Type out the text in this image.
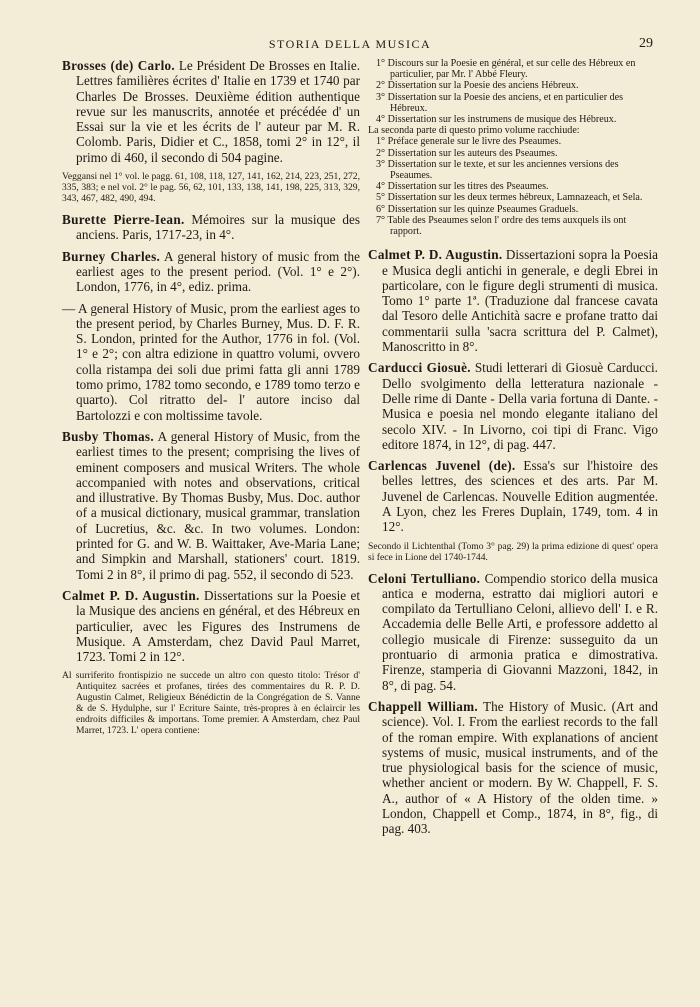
STORIA DELLA MUSICA	29

Brosses (de) Carlo. Le Président De Brosses en Italie. Lettres familières écrites d' Italie en 1739 et 1740 par Charles De Brosses. Deuxième édition authentique revue sur les manuscrits, annotée et précédée d' un Essai sur la vie et les écrits de l' auteur par M. R. Colomb. Paris, Didier et C., 1858, tomi 2° in 12°, il primo di 460, il secondo di 504 pagine.

Veggansi nel 1° vol. le pagg. 61, 108, 118, 127, 141, 162, 214, 223, 251, 272, 335, 383; e nel vol. 2° le pag. 56, 62, 101, 133, 138, 141, 198, 225, 313, 329, 343, 467, 482, 490, 494.

Burette Pierre-Iean. Mémoires sur la musique des anciens. Paris, 1717-23, in 4°.

Burney Charles. A general history of music from the earliest ages to the present period. (Vol. 1° e 2°). London, 1776, in 4°, ediz. prima.

— A general History of Music, prom the earliest ages to the present period, by Charles Burney, Mus. D. F. R. S. London, printed for the Author, 1776 in fol. (Vol. 1° e 2°; con altra edizione in quattro volumi, ovvero colla ristampa dei soli due primi fatta gli anni 1789 tomo primo, 1782 tomo secondo, e 1789 tomo terzo e quarto). Col ritratto del- l' autore inciso dal Bartolozzi e con moltissime tavole.

Busby Thomas. A general History of Music, from the earliest times to the present; comprising the lives of eminent composers and musical Writers. The whole accompanied with notes and observations, critical and illustrative. By Thomas Busby, Mus. Doc. author of a musical dictionary, musical grammar, translation of Lucretius, &c. &c. In two volumes. London: printed for G. and W. B. Waittaker, Ave-Maria Lane; and Simpkin and Marshall, stationers' court. 1819. Tomi 2 in 8°, il primo di pag. 552, il secondo di 523.

Calmet P. D. Augustin. Dissertations sur la Poesie et la Musique des anciens en général, et des Hébreux en particulier, avec les Figures des Instrumens de Musique. A Amsterdam, chez David Paul Marret, 1723. Tomi 2 in 12°.

Al surriferito frontispizio ne succede un altro con questo titolo: Trésor d' Antiquitez sacrées et profanes, tirées des commentaires du R. P. D. Augustin Calmet, Religieux Bénédictin de la Congrégation de S. Vanne & de S. Hydulphe, sur l' Ecriture Sainte, très-propres à en éclaircir les endroits difficiles & importans. Tome premier. A Amsterdam, chez Paul Marret, 1723. L' opera contiene:

1° Discours sur la Poesie en général, et sur celle des Hébreux en particulier, par Mr. l' Abbé Fleury.
2° Dissertation sur la Poesie des anciens Hébreux.
3° Dissertation sur la Poesie des anciens, et en particulier des Hébreux.
4° Dissertation sur les instrumens de musique des Hébreux.
La seconda parte di questo primo volume racchiude:
1° Préface generale sur le livre des Pseaumes.
2° Dissertation sur les auteurs des Pseaumes.
3° Dissertation sur le texte, et sur les anciennes versions des Pseaumes.
4° Dissertation sur les titres des Pseaumes.
5° Dissertation sur les deux termes hébreux, Lamnazeach, et Sela.
6° Dissertation sur les quinze Pseaumes Graduels.
7° Table des Pseaumes selon l' ordre des tems auxquels ils ont rapport.

Calmet P. D. Augustin. Dissertazioni sopra la Poesia e Musica degli antichi in generale, e degli Ebrei in particolare, con le figure degli strumenti di musica. Tomo 1° parte 1ª. (Traduzione dal francese cavata dal Tesoro delle Antichità sacre e profane tratto dai commentarii sulla 'sacra scrittura del P. Calmet), Manoscritto in 8°.

Carducci Giosuè. Studi letterari di Giosuè Carducci. Dello svolgimento della letteratura nazionale - Delle rime di Dante - Della varia fortuna di Dante. - Musica e poesia nel mondo elegante italiano del secolo XIV. - In Livorno, coi tipi di Franc. Vigo editore 1874, in 12°, di pag. 447.

Carlencas Juvenel (de). Essa's sur l'histoire des belles lettres, des sciences et des arts. Par M. Juvenel de Carlencas. Nouvelle Edition augmentée. A Lyon, chez les Freres Duplain, 1749, tom. 4 in 12°.

Secondo il Lichtenthal (Tomo 3° pag. 29) la prima edizione di quest' opera si fece in Lione del 1740-1744.

Celoni Tertulliano. Compendio storico della musica antica e moderna, estratto dai migliori autori e compilato da Tertulliano Celoni, allievo dell' I. e R. Accademia delle Belle Arti, e professore addetto al collegio musicale di Firenze: susseguito da un prontuario di armonia pratica e dimostrativa. Firenze, stamperia di Giovanni Mazzoni, 1842, in 8°, di pag. 54.

Chappell William. The History of Music. (Art and science). Vol. I. From the earliest records to the fall of the roman empire. With explanations of ancient systems of music, musical instruments, and of the true physiological basis for the science of music, whether ancient or modern. By W. Chappell, F. S. A., author of « A History of the olden time. » London, Chappell et Comp., 1874, in 8°, fig., di pag. 403.
